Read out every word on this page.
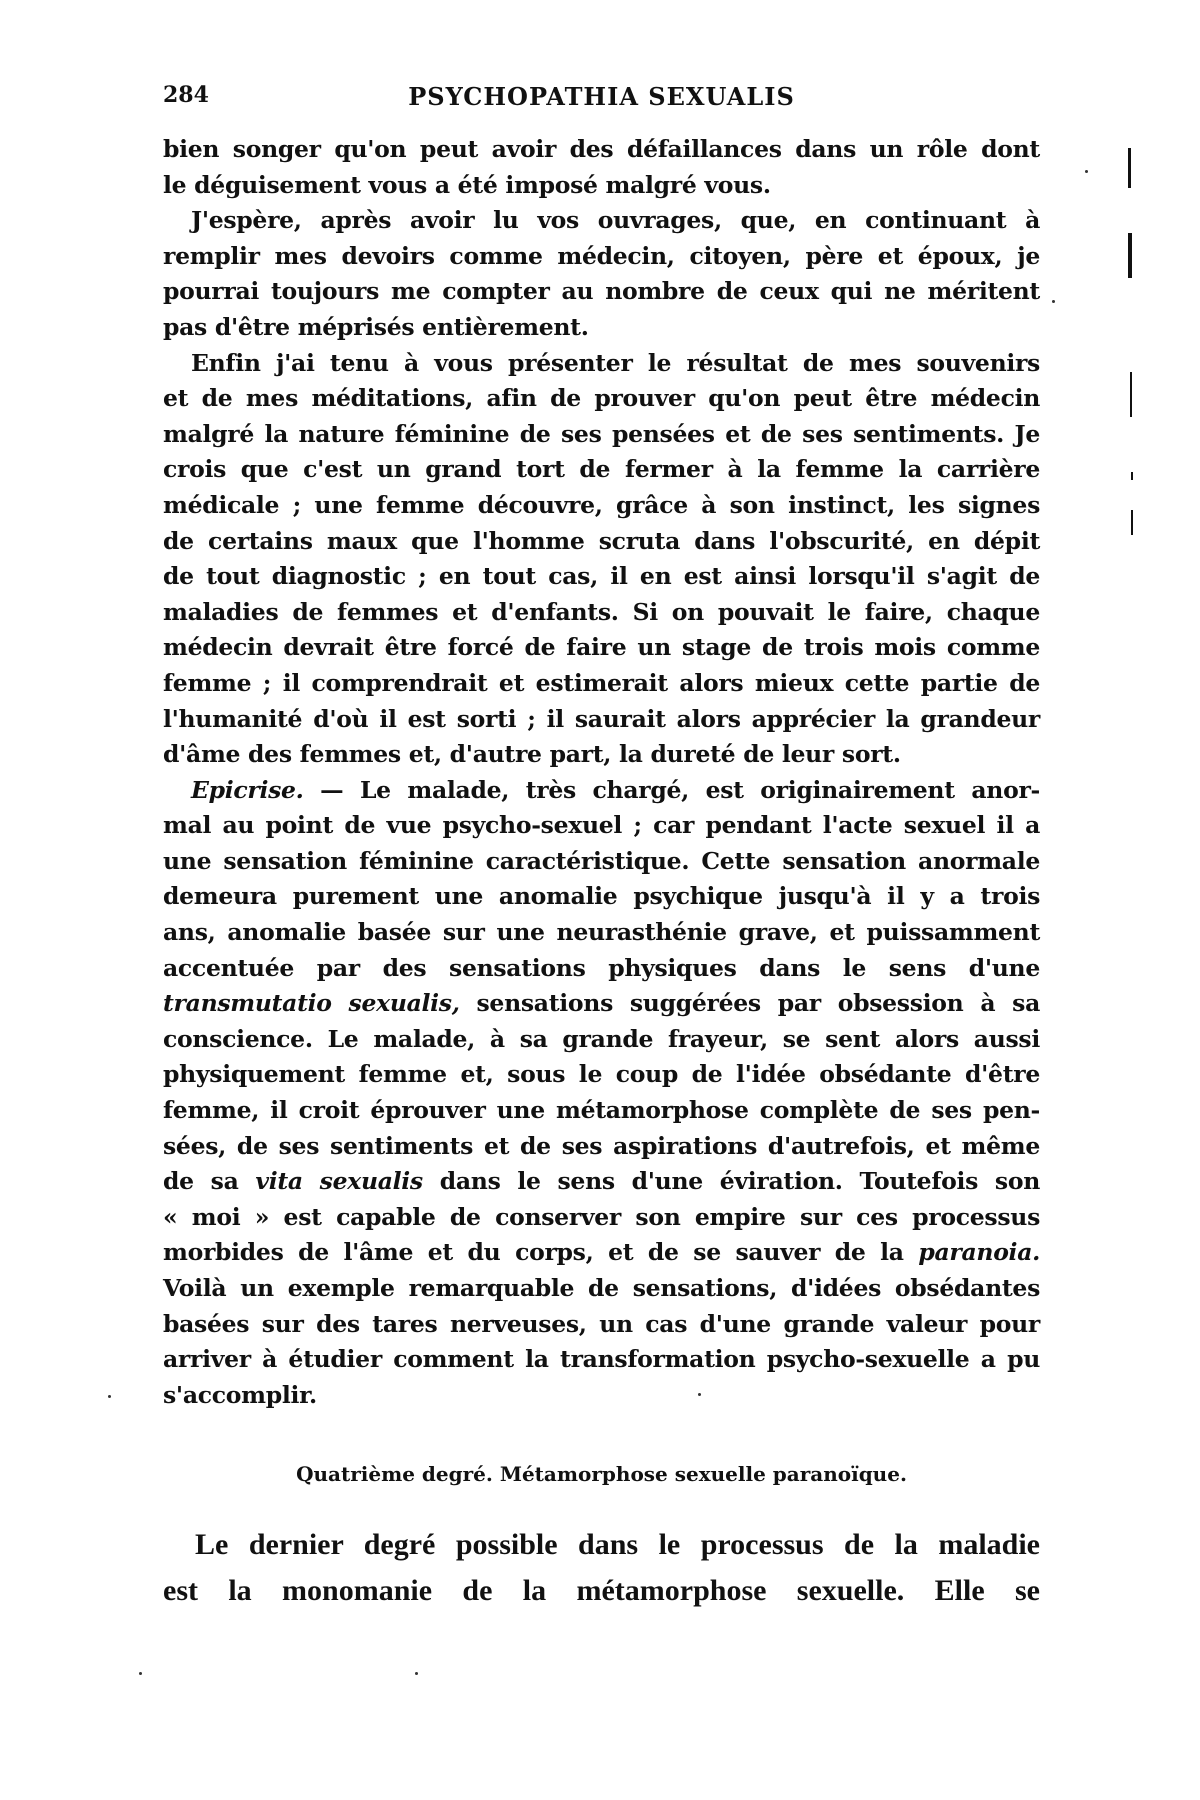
284	PSYCHOPATHIA SEXUALIS
bien songer qu'on peut avoir des défaillances dans un rôle dont
le déguisement vous a été imposé malgré vous.
J'espère, après avoir lu vos ouvrages, que, en continuant à
remplir mes devoirs comme médecin, citoyen, père et époux, je
pourrai toujours me compter au nombre de ceux qui ne méritent
pas d'être méprisés entièrement.
Enfin j'ai tenu à vous présenter le résultat de mes souvenirs
et de mes méditations, afin de prouver qu'on peut être médecin
malgré la nature féminine de ses pensées et de ses sentiments. Je
crois que c'est un grand tort de fermer à la femme la carrière
médicale ; une femme découvre, grâce à son instinct, les signes
de certains maux que l'homme scruta dans l'obscurité, en dépit
de tout diagnostic ; en tout cas, il en est ainsi lorsqu'il s'agit de
maladies de femmes et d'enfants. Si on pouvait le faire, chaque
médecin devrait être forcé de faire un stage de trois mois comme
femme ; il comprendrait et estimerait alors mieux cette partie de
l'humanité d'où il est sorti ; il saurait alors apprécier la grandeur
d'âme des femmes et, d'autre part, la dureté de leur sort.
Epicrise. — Le malade, très chargé, est originairement anor-
mal au point de vue psycho-sexuel ; car pendant l'acte sexuel il a
une sensation féminine caractéristique. Cette sensation anormale
demeura purement une anomalie psychique jusqu'à il y a trois
ans, anomalie basée sur une neurasthénie grave, et puissamment
accentuée par des sensations physiques dans le sens d'une
transmutatio sexualis, sensations suggérées par obsession à sa
conscience. Le malade, à sa grande frayeur, se sent alors aussi
physiquement femme et, sous le coup de l'idée obsédante d'être
femme, il croit éprouver une métamorphose complète de ses pen-
sées, de ses sentiments et de ses aspirations d'autrefois, et même
de sa vita sexualis dans le sens d'une éviration. Toutefois son
« moi » est capable de conserver son empire sur ces processus
morbides de l'âme et du corps, et de se sauver de la paranoia.
Voilà un exemple remarquable de sensations, d'idées obsédantes
basées sur des tares nerveuses, un cas d'une grande valeur pour
arriver à étudier comment la transformation psycho-sexuelle a pu
s'accomplir.
Quatrième degré. Métamorphose sexuelle paranoïque.
Le dernier degré possible dans le processus de la maladie
est la monomanie de la métamorphose sexuelle. Elle se
